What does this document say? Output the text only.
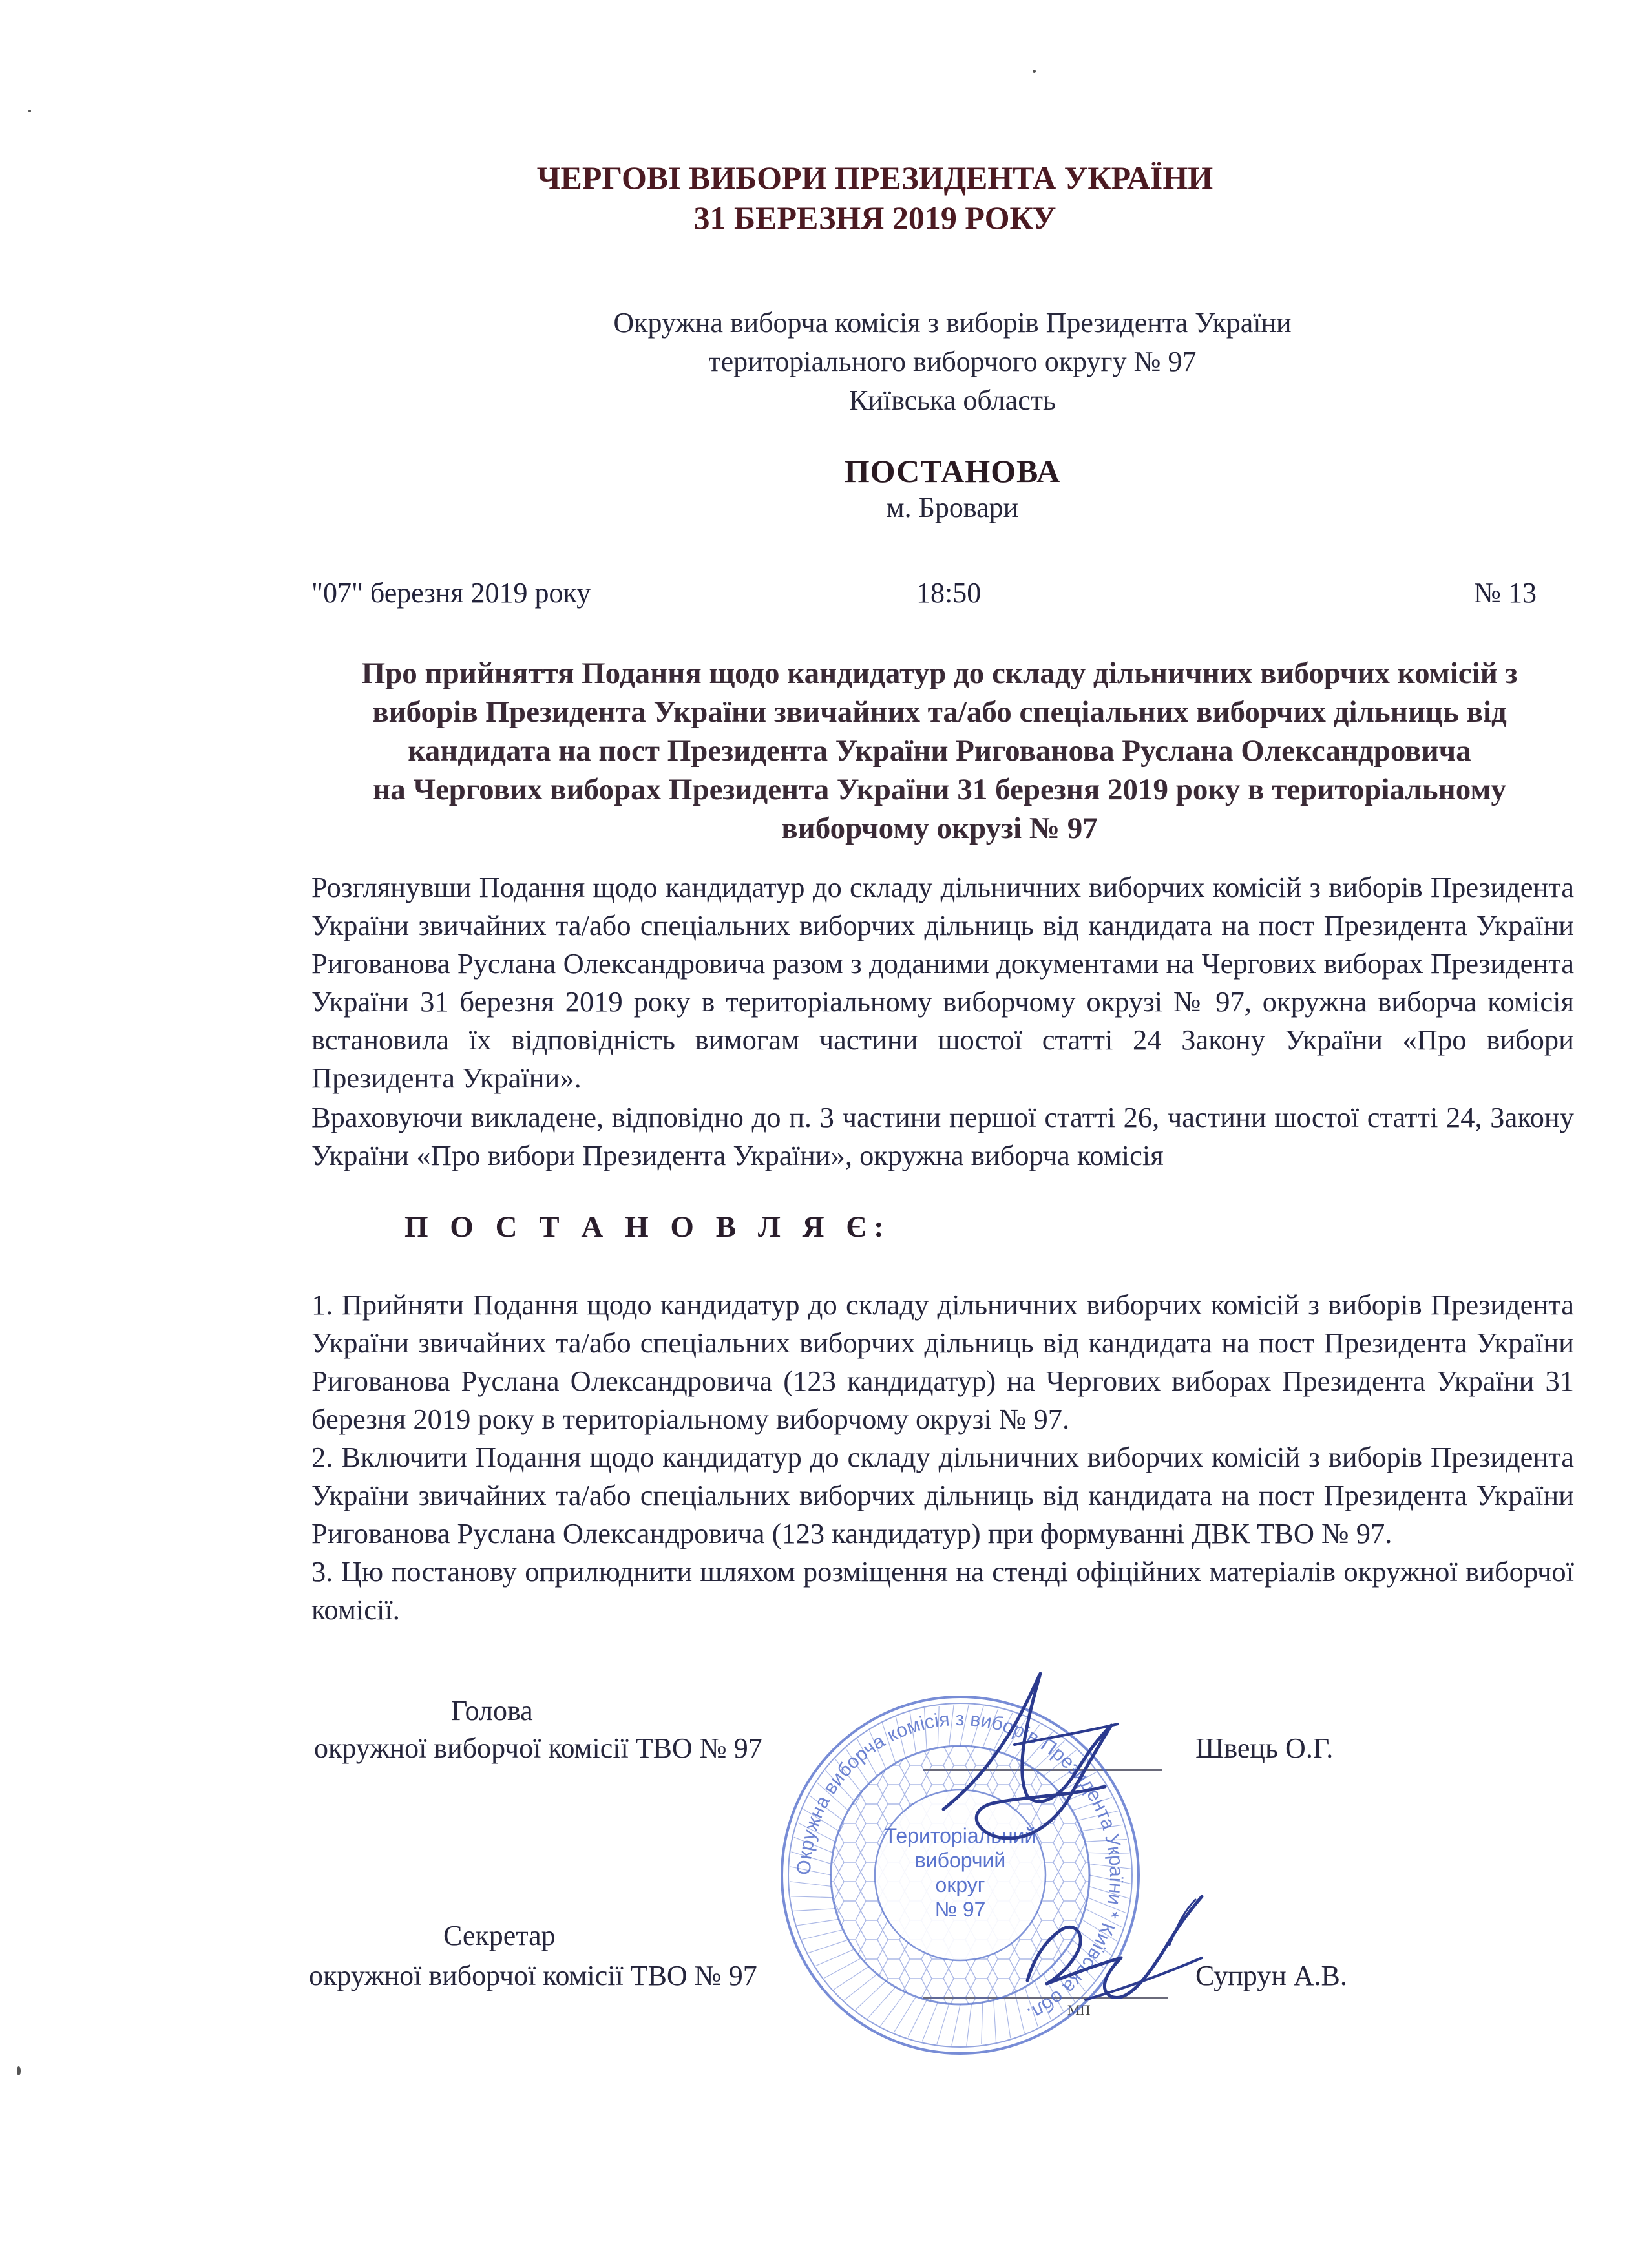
ЧЕРГОВІ ВИБОРИ ПРЕЗИДЕНТА УКРАЇНИ
31 БЕРЕЗНЯ 2019 РОКУ
Окружна виборча комісія з виборів Президента України
територіального виборчого округу № 97
Київська область
ПОСТАНОВА
м. Бровари
"07" березня 2019 року	18:50	№ 13
Про прийняття Подання щодо кандидатур до складу дільничних виборчих комісій з
виборів Президента України звичайних та/або спеціальних виборчих дільниць від
кандидата на пост Президента України Ригованова Руслана Олександровича
на Чергових виборах Президента України 31 березня 2019 року в територіальному
виборчому окрузі № 97

Розглянувши Подання щодо кандидатур до складу дільничних виборчих комісій з виборів Президента України звичайних та/або спеціальних виборчих дільниць від кандидата на пост Президента України Ригованова Руслана Олександровича разом з доданими документами на Чергових виборах Президента України 31 березня 2019 року в територіальному виборчому окрузі № 97, окружна виборча комісія встановила їх відповідність вимогам частини шостої статті 24 Закону України «Про вибори Президента України».

Враховуючи викладене, відповідно до п. 3 частини першої статті 26, частини шостої статті 24, Закону України «Про вибори Президента України», окружна виборча комісія

П О С Т А Н О В Л Я Є:

1. Прийняти Подання щодо кандидатур до складу дільничних виборчих комісій з виборів Президента України звичайних та/або спеціальних виборчих дільниць від кандидата на пост Президента України Ригованова Руслана Олександровича (123 кандидатур) на Чергових виборах Президента України 31 березня 2019 року в територіальному виборчому окрузі № 97.

2. Включити Подання щодо кандидатур до складу дільничних виборчих комісій з виборів Президента України звичайних та/або спеціальних виборчих дільниць від кандидата на пост Президента України Ригованова Руслана Олександровича (123 кандидатур) при формуванні ДВК ТВО № 97.

3. Цю постанову оприлюднити шляхом розміщення на стенді офіційних матеріалів окружної виборчої комісії.

Голова
окружної виборчої комісії ТВО № 97	Швець О.Г.
Секретар
окружної виборчої комісії ТВО № 97
МП
Супрун А.В.
Окружна виборча комісія з виборів Президента України * Київська обл.
Територіальний
виборчий
округ
№ 97
